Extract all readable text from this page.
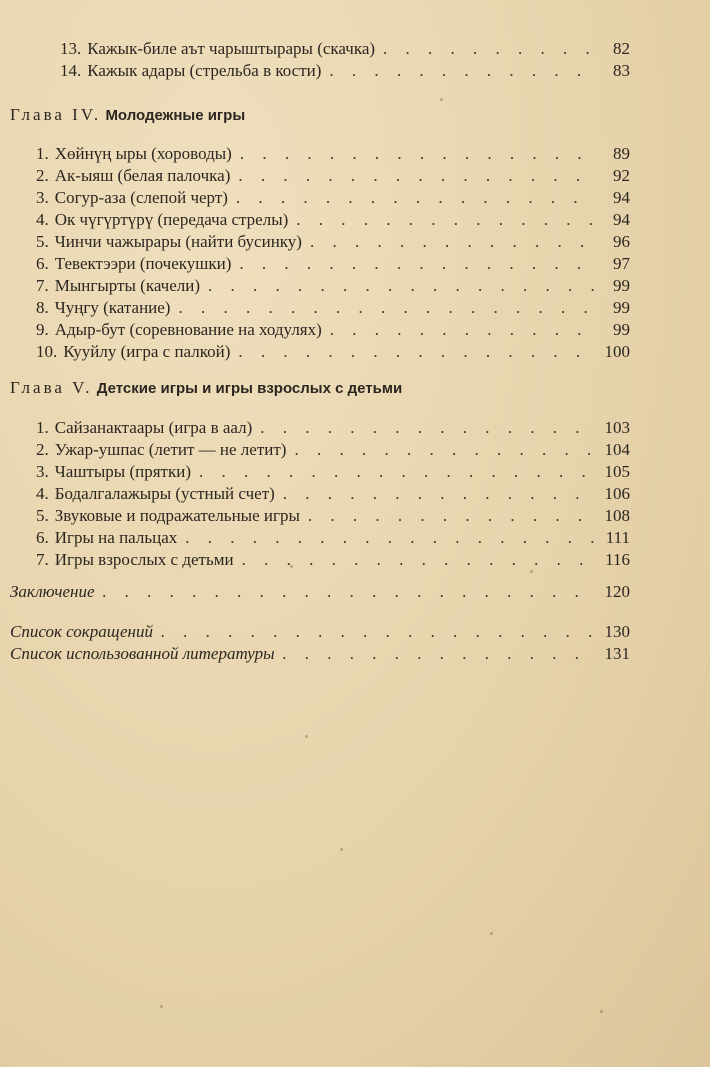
13. Кажык-биле аът чарыштырары (скачка) . . .	82
14. Кажык адары (стрельба в кости) . . .	83
Глава IV. Молодежные игры
1. Хөйнүң ыры (хороводы) . . .	89
2. Ак-ыяш (белая палочка) . . .	92
3. Согур-аза (слепой черт) . . .	94
4. Ок чүгүртүрү (передача стрелы) . . .	94
5. Чинчи чажырары (найти бусинку) . . .	96
6. Тевектээри (почекушки) . . .	97
7. Мынгырты (качели) . . .	99
8. Чуңгу (катание) . . .	99
9. Адыр-бут (соревнование на ходулях) . . .	99
10. Кууйлу (игра с палкой) . . .	100
Глава V. Детские игры и игры взрослых с детьми
1. Сайзанактаары (игра в аал) . . .	103
2. Ужар-ушпас (летит — не летит) . . .	104
3. Чаштыры (прятки) . . .	105
4. Бодалгалажыры (устный счет) . . .	106
5. Звуковые и подражательные игры . . .	108
6. Игры на пальцах . . .	111
7. Игры взрослых с детьми . . .	116
Заключение . . .	120
Список сокращений . . .	130
Список использованной литературы . . .	131
